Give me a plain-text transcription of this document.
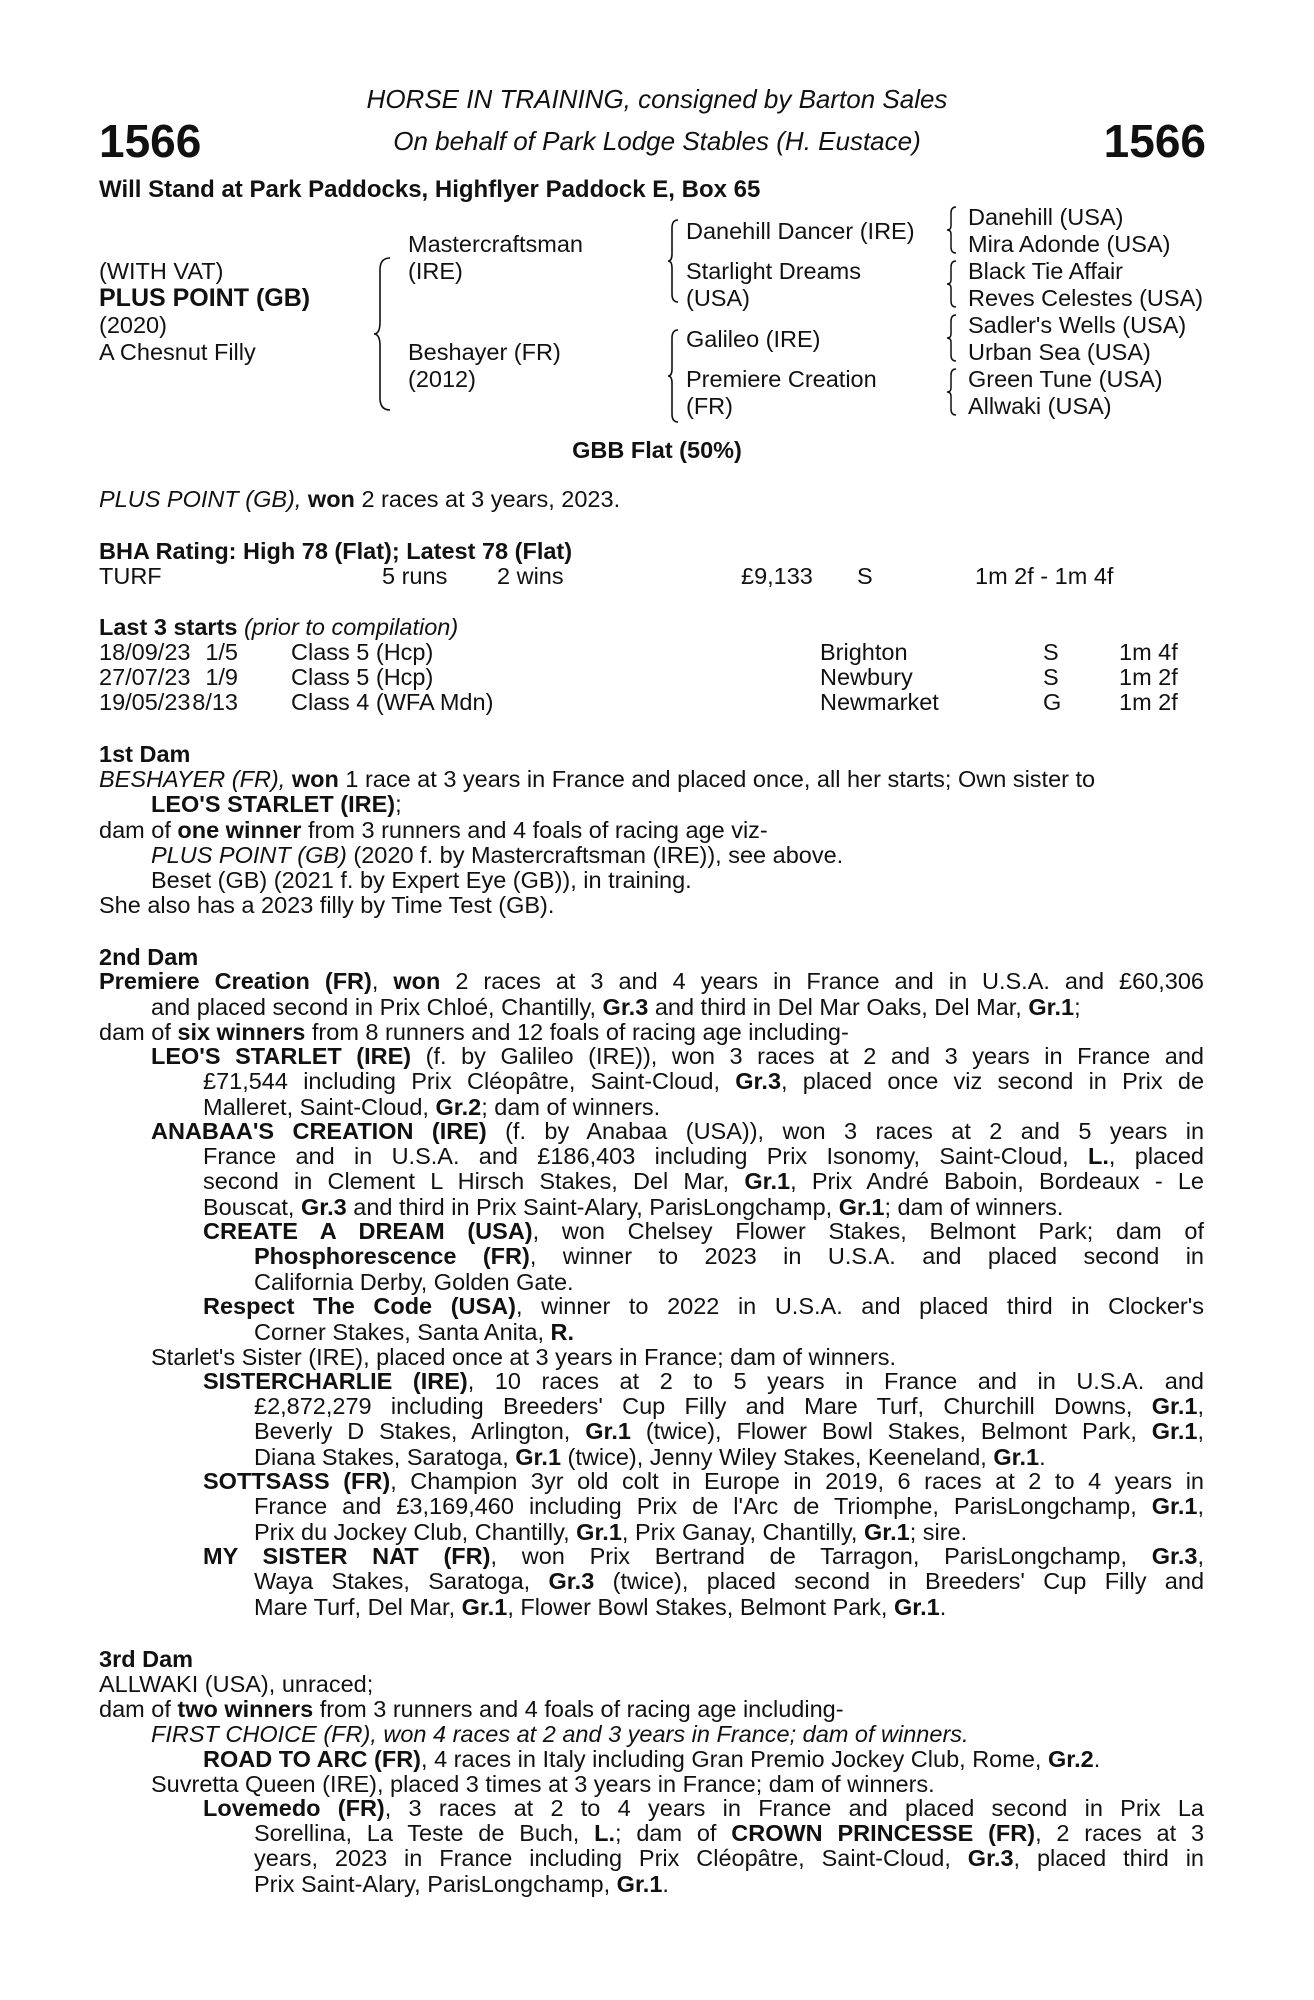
1566	1566
HORSE IN TRAINING, consigned by Barton Sales
On behalf of Park Lodge Stables (H. Eustace)
Will Stand at Park Paddocks, Highflyer Paddock E, Box 65
(WITH VAT)
PLUS POINT (GB)
(2020)
A Chesnut Filly
Mastercraftsman
(IRE)
Beshayer (FR)
(2012)
Danehill Dancer (IRE)
Starlight Dreams
(USA)
Galileo (IRE)
Premiere Creation
(FR)
Danehill (USA)
Mira Adonde (USA)
Black Tie Affair
Reves Celestes (USA)
Sadler's Wells (USA)
Urban Sea (USA)
Green Tune (USA)
Allwaki (USA)
GBB Flat (50%)
PLUS POINT (GB), won 2 races at 3 years, 2023.
BHA Rating: High 78 (Flat); Latest 78 (Flat)
TURF	5 runs 2 wins	£9,133 S	1m 2f - 1m 4f
Last 3 starts (prior to compilation)
18/09/23 1/5 Class 5 (Hcp)	Brighton	S	1m 4f
27/07/23 1/9 Class 5 (Hcp)	Newbury	S	1m 2f
19/05/23 8/13 Class 4 (WFA Mdn)	Newmarket	G 1m 2f
1st Dam
BESHAYER (FR), won 1 race at 3 years in France and placed once, all her starts; Own sister to
LEO'S STARLET (IRE);
dam of one winner from 3 runners and 4 foals of racing age viz-
PLUS POINT (GB) (2020 f. by Mastercraftsman (IRE)), see above.
Beset (GB) (2021 f. by Expert Eye (GB)), in training.
She also has a 2023 filly by Time Test (GB).
2nd Dam
Premiere Creation (FR), won 2 races at 3 and 4 years in France and in U.S.A. and £60,306
and placed second in Prix Chloé, Chantilly, Gr.3 and third in Del Mar Oaks, Del Mar, Gr.1;
dam of six winners from 8 runners and 12 foals of racing age including-
LEO'S STARLET (IRE) (f. by Galileo (IRE)), won 3 races at 2 and 3 years in France and
£71,544 including Prix Cléopâtre, Saint-Cloud, Gr.3, placed once viz second in Prix de
Malleret, Saint-Cloud, Gr.2; dam of winners.
ANABAA'S CREATION (IRE) (f. by Anabaa (USA)), won 3 races at 2 and 5 years in
France and in U.S.A. and £186,403 including Prix Isonomy, Saint-Cloud, L., placed
second in Clement L Hirsch Stakes, Del Mar, Gr.1, Prix André Baboin, Bordeaux - Le
Bouscat, Gr.3 and third in Prix Saint-Alary, ParisLongchamp, Gr.1; dam of winners.
CREATE A DREAM (USA), won Chelsey Flower Stakes, Belmont Park; dam of
Phosphorescence (FR), winner to 2023 in U.S.A. and placed second in
California Derby, Golden Gate.
Respect The Code (USA), winner to 2022 in U.S.A. and placed third in Clocker's
Corner Stakes, Santa Anita, R.
Starlet's Sister (IRE), placed once at 3 years in France; dam of winners.
SISTERCHARLIE (IRE), 10 races at 2 to 5 years in France and in U.S.A. and
£2,872,279 including Breeders' Cup Filly and Mare Turf, Churchill Downs, Gr.1,
Beverly D Stakes, Arlington, Gr.1 (twice), Flower Bowl Stakes, Belmont Park, Gr.1,
Diana Stakes, Saratoga, Gr.1 (twice), Jenny Wiley Stakes, Keeneland, Gr.1.
SOTTSASS (FR), Champion 3yr old colt in Europe in 2019, 6 races at 2 to 4 years in
France and £3,169,460 including Prix de l'Arc de Triomphe, ParisLongchamp, Gr.1,
Prix du Jockey Club, Chantilly, Gr.1, Prix Ganay, Chantilly, Gr.1; sire.
MY SISTER NAT (FR), won Prix Bertrand de Tarragon, ParisLongchamp, Gr.3,
Waya Stakes, Saratoga, Gr.3 (twice), placed second in Breeders' Cup Filly and
Mare Turf, Del Mar, Gr.1, Flower Bowl Stakes, Belmont Park, Gr.1.
3rd Dam
ALLWAKI (USA), unraced;
dam of two winners from 3 runners and 4 foals of racing age including-
FIRST CHOICE (FR), won 4 races at 2 and 3 years in France; dam of winners.
ROAD TO ARC (FR), 4 races in Italy including Gran Premio Jockey Club, Rome, Gr.2.
Suvretta Queen (IRE), placed 3 times at 3 years in France; dam of winners.
Lovemedo (FR), 3 races at 2 to 4 years in France and placed second in Prix La
Sorellina, La Teste de Buch, L.; dam of CROWN PRINCESSE (FR), 2 races at 3
years, 2023 in France including Prix Cléopâtre, Saint-Cloud, Gr.3, placed third in
Prix Saint-Alary, ParisLongchamp, Gr.1.
